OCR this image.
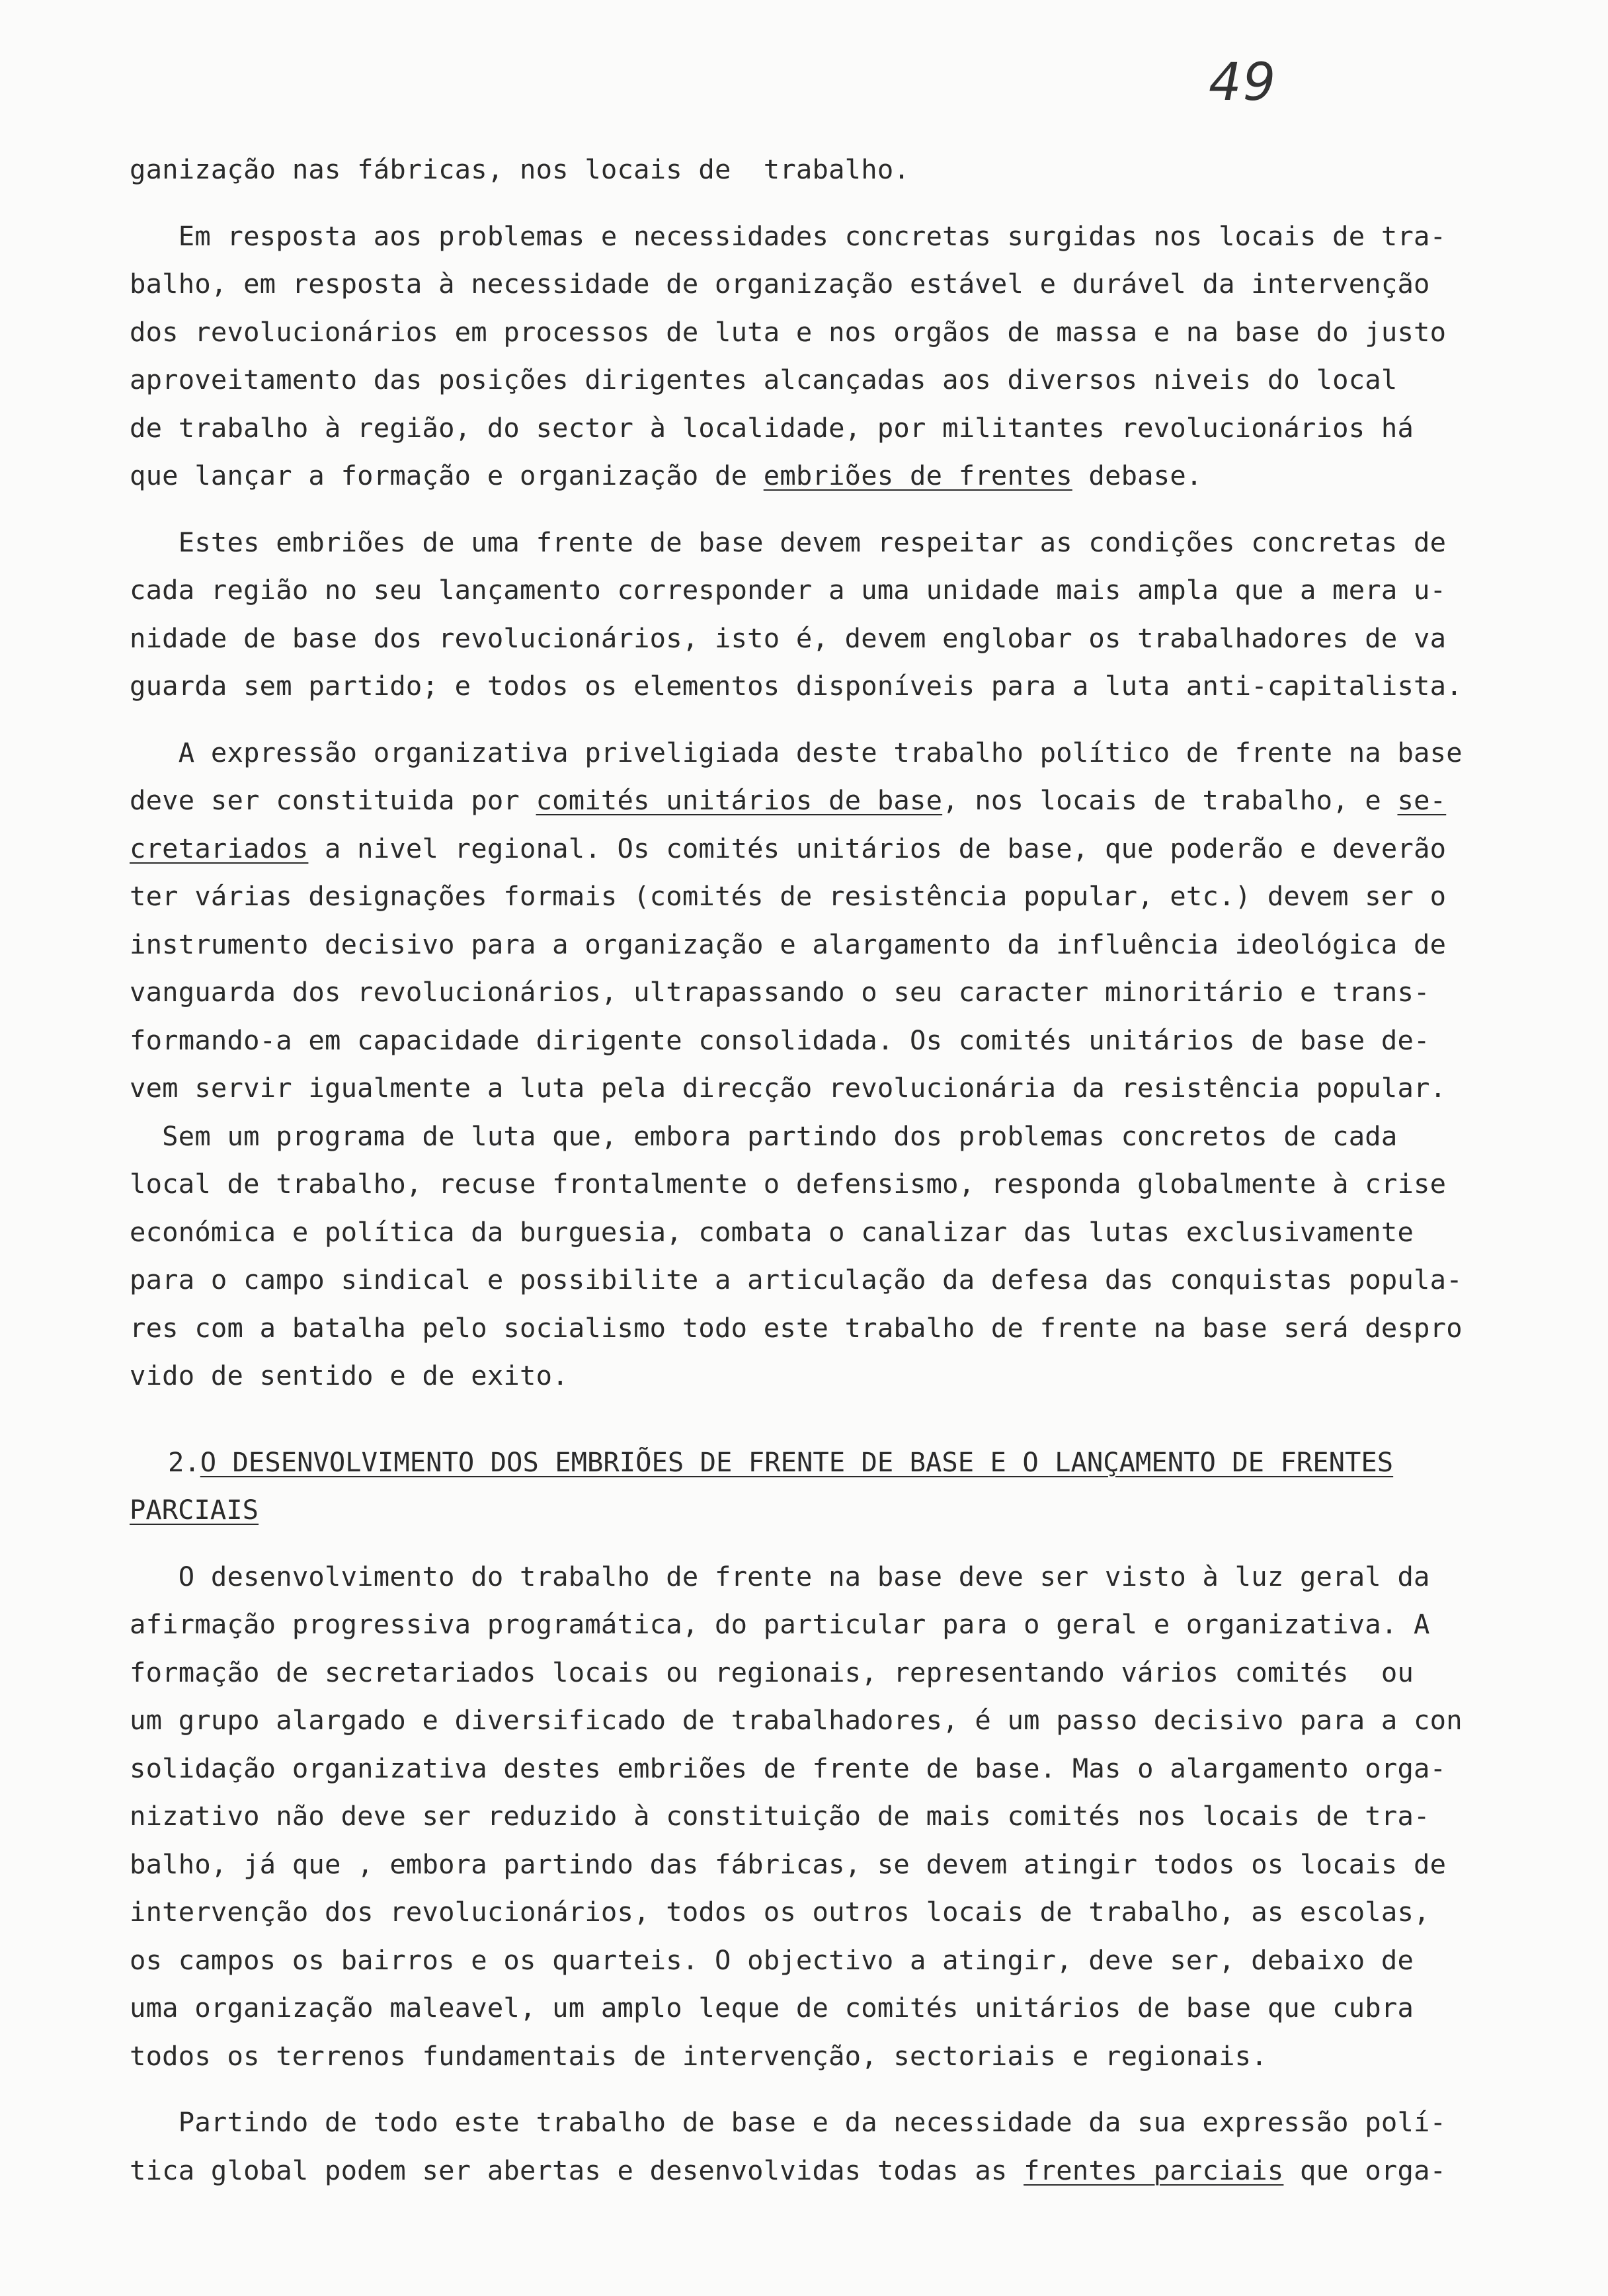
49
ganização nas fábricas, nos locais de  trabalho.
Em resposta aos problemas e necessidades concretas surgidas nos locais de tra-
balho, em resposta à necessidade de organização estável e durável da intervenção
dos revolucionários em processos de luta e nos orgãos de massa e na base do justo
aproveitamento das posições dirigentes alcançadas aos diversos niveis do local
de trabalho à região, do sector à localidade, por militantes revolucionários há
que lançar a formação e organização de embriões de frentes debase.
Estes embriões de uma frente de base devem respeitar as condições concretas de
cada região no seu lançamento corresponder a uma unidade mais ampla que a mera u-
nidade de base dos revolucionários, isto é, devem englobar os trabalhadores de va
guarda sem partido; e todos os elementos disponíveis para a luta anti-capitalista.
A expressão organizativa priveligiada deste trabalho político de frente na base
deve ser constituida por comités unitários de base, nos locais de trabalho, e se-
cretariados a nivel regional. Os comités unitários de base, que poderão e deverão
ter várias designações formais (comités de resistência popular, etc.) devem ser o
instrumento decisivo para a organização e alargamento da influência ideológica de
vanguarda dos revolucionários, ultrapassando o seu caracter minoritário e trans-
formando-a em capacidade dirigente consolidada. Os comités unitários de base de-
vem servir igualmente a luta pela direcção revolucionária da resistência popular.
Sem um programa de luta que, embora partindo dos problemas concretos de cada
local de trabalho, recuse frontalmente o defensismo, responda globalmente à crise
económica e política da burguesia, combata o canalizar das lutas exclusivamente
para o campo sindical e possibilite a articulação da defesa das conquistas popula-
res com a batalha pelo socialismo todo este trabalho de frente na base será despro
vido de sentido e de exito.
2.O DESENVOLVIMENTO DOS EMBRIÕES DE FRENTE DE BASE E O LANÇAMENTO DE FRENTES
PARCIAIS
O desenvolvimento do trabalho de frente na base deve ser visto à luz geral da
afirmação progressiva programática, do particular para o geral e organizativa. A
formação de secretariados locais ou regionais, representando vários comités  ou
um grupo alargado e diversificado de trabalhadores, é um passo decisivo para a con
solidação organizativa destes embriões de frente de base. Mas o alargamento orga-
nizativo não deve ser reduzido à constituição de mais comités nos locais de tra-
balho, já que , embora partindo das fábricas, se devem atingir todos os locais de
intervenção dos revolucionários, todos os outros locais de trabalho, as escolas,
os campos os bairros e os quarteis. O objectivo a atingir, deve ser, debaixo de
uma organização maleavel, um amplo leque de comités unitários de base que cubra
todos os terrenos fundamentais de intervenção, sectoriais e regionais.
Partindo de todo este trabalho de base e da necessidade da sua expressão polí-
tica global podem ser abertas e desenvolvidas todas as frentes parciais que orga-
